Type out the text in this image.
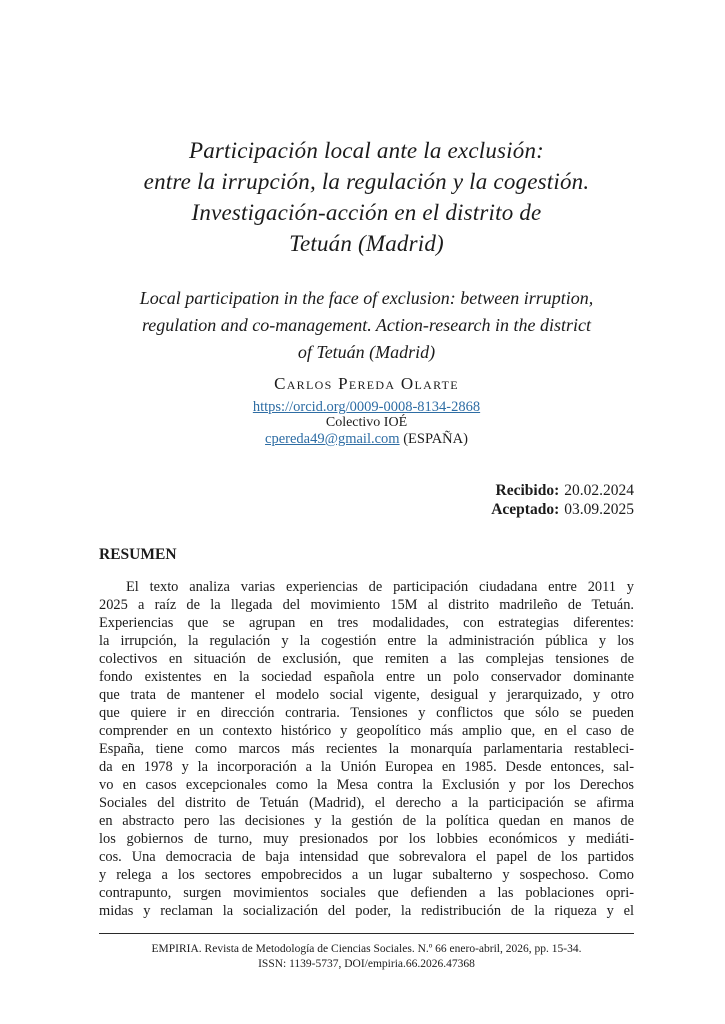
Participación local ante la exclusión:
entre la irrupción, la regulación y la cogestión.
Investigación-acción en el distrito de
Tetuán (Madrid)
Local participation in the face of exclusion: between irruption,
regulation and co-management. Action-research in the district
of Tetuán (Madrid)
Carlos Pereda Olarte
https://orcid.org/0009-0008-8134-2868
Colectivo IOÉ
cpereda49@gmail.com (ESPAÑA)
Recibido: 20.02.2024
Aceptado: 03.09.2025
RESUMEN
El texto analiza varias experiencias de participación ciudadana entre 2011 y
2025 a raíz de la llegada del movimiento 15M al distrito madrileño de Tetuán.
Experiencias que se agrupan en tres modalidades, con estrategias diferentes:
la irrupción, la regulación y la cogestión entre la administración pública y los
colectivos en situación de exclusión, que remiten a las complejas tensiones de
fondo existentes en la sociedad española entre un polo conservador dominante
que trata de mantener el modelo social vigente, desigual y jerarquizado, y otro
que quiere ir en dirección contraria. Tensiones y conflictos que sólo se pueden
comprender en un contexto histórico y geopolítico más amplio que, en el caso de
España, tiene como marcos más recientes la monarquía parlamentaria restableci-
da en 1978 y la incorporación a la Unión Europea en 1985. Desde entonces, sal-
vo en casos excepcionales como la Mesa contra la Exclusión y por los Derechos
Sociales del distrito de Tetuán (Madrid), el derecho a la participación se afirma
en abstracto pero las decisiones y la gestión de la política quedan en manos de
los gobiernos de turno, muy presionados por los lobbies económicos y mediáti-
cos. Una democracia de baja intensidad que sobrevalora el papel de los partidos
y relega a los sectores empobrecidos a un lugar subalterno y sospechoso. Como
contrapunto, surgen movimientos sociales que defienden a las poblaciones opri-
midas y reclaman la socialización del poder, la redistribución de la riqueza y el
EMPIRIA. Revista de Metodología de Ciencias Sociales. N.º 66 enero-abril, 2026, pp. 15-34.
ISSN: 1139-5737, DOI/empiria.66.2026.47368
